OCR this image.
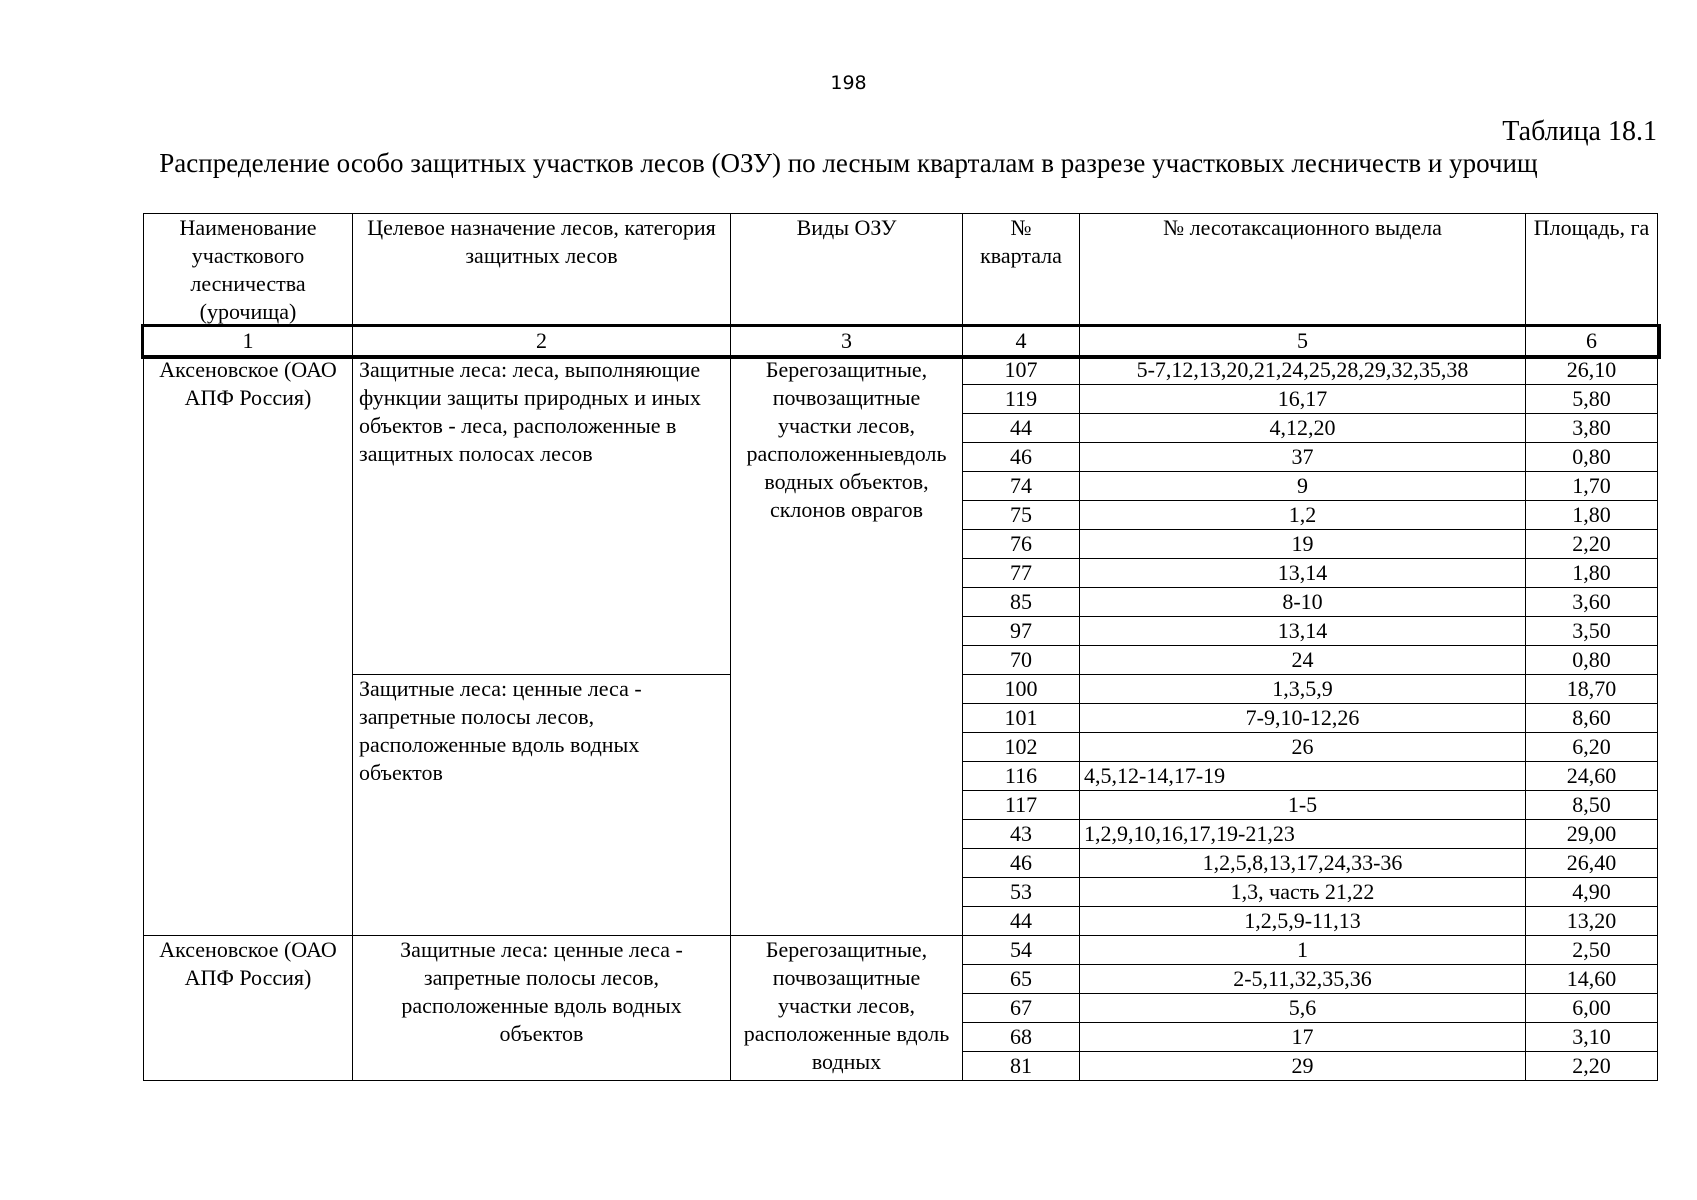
198
Таблица 18.1
Распределение особо защитных участков лесов (ОЗУ) по лесным кварталам в разрезе участковых лесничеств и урочищ
Наименование участкового лесничества (урочища)	Целевое назначение лесов, категория защитных лесов	Виды ОЗУ	№ квартала	№ лесотаксационного выдела	Площадь, га
1	2	3	4	5	6
Аксеновское (ОАО АПФ Россия)	Защитные леса: леса, выполняющие функции защиты природных и иных объектов - леса, расположенные в защитных полосах лесов	Берегозащитные, почвозащитные участки лесов, расположенныевдоль водных объектов, склонов оврагов	107	5-7,12,13,20,21,24,25,28,29,32,35,38	26,10
			119	16,17	5,80
			44	4,12,20	3,80
			46	37	0,80
			74	9	1,70
			75	1,2	1,80
			76	19	2,20
			77	13,14	1,80
			85	8-10	3,60
			97	13,14	3,50
			70	24	0,80
	Защитные леса: ценные леса - запретные полосы лесов, расположенные вдоль водных объектов		100	1,3,5,9	18,70
			101	7-9,10-12,26	8,60
			102	26	6,20
			116	4,5,12-14,17-19	24,60
			117	1-5	8,50
			43	1,2,9,10,16,17,19-21,23	29,00
			46	1,2,5,8,13,17,24,33-36	26,40
			53	1,3, часть 21,22	4,90
			44	1,2,5,9-11,13	13,20
Аксеновское (ОАО АПФ Россия)	Защитные леса: ценные леса - запретные полосы лесов, расположенные вдоль водных объектов	Берегозащитные, почвозащитные участки лесов, расположенные вдоль водных	54	1	2,50
			65	2-5,11,32,35,36	14,60
			67	5,6	6,00
			68	17	3,10
			81	29	2,20
